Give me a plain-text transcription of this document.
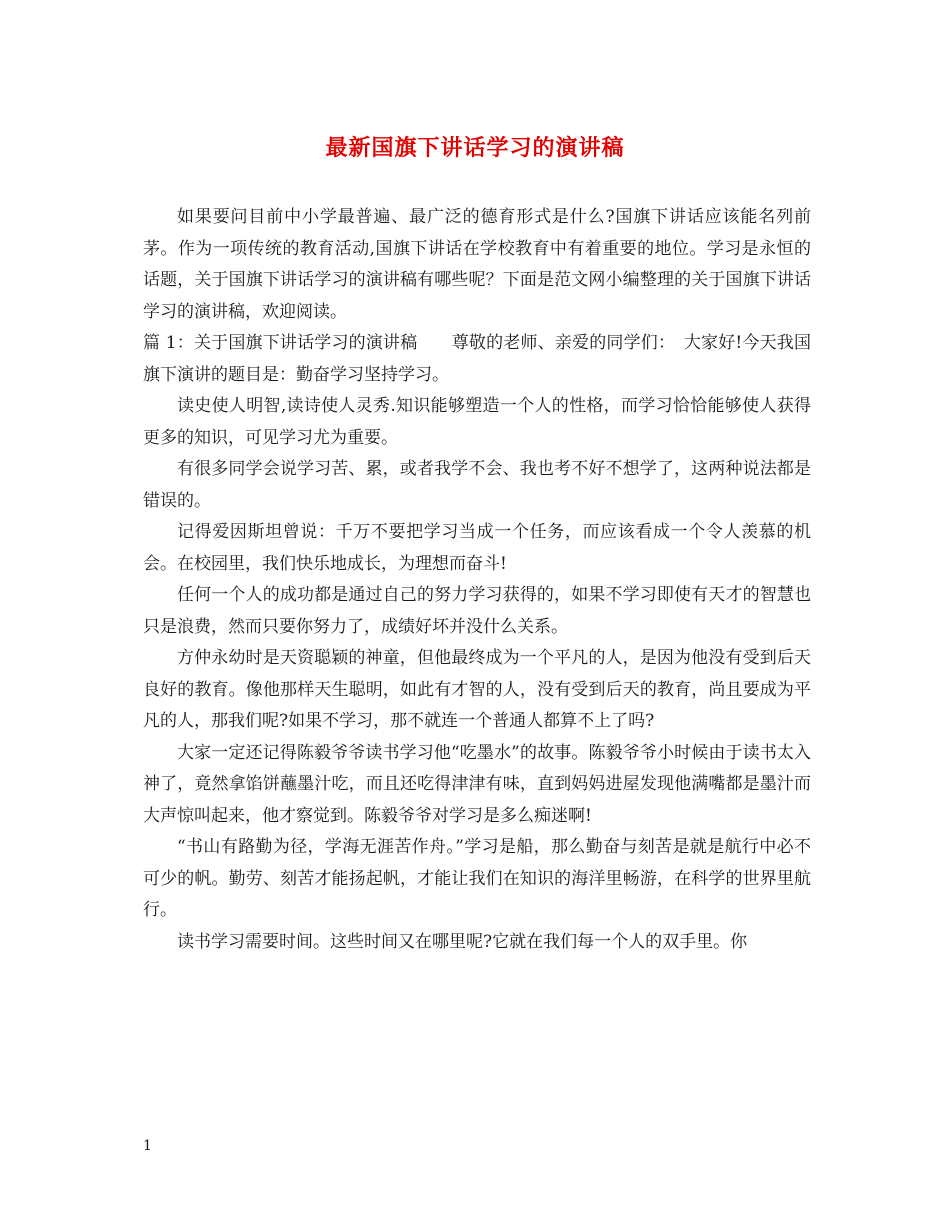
最新国旗下讲话学习的演讲稿

如果要问目前中小学最普遍、最广泛的德育形式是什么?国旗下讲话应该能名列前茅。作为一项传统的教育活动,国旗下讲话在学校教育中有着重要的地位。学习是永恒的话题，关于国旗下讲话学习的演讲稿有哪些呢？下面是范文网小编整理的关于国旗下讲话学习的演讲稿，欢迎阅读。

篇 1：关于国旗下讲话学习的演讲稿　　尊敬的老师、亲爱的同学们：　大家好!今天我国旗下演讲的题目是：勤奋学习坚持学习。

读史使人明智,读诗使人灵秀.知识能够塑造一个人的性格，而学习恰恰能够使人获得更多的知识，可见学习尤为重要。

有很多同学会说学习苦、累，或者我学不会、我也考不好不想学了，这两种说法都是错误的。

记得爱因斯坦曾说：千万不要把学习当成一个任务，而应该看成一个令人羡慕的机会。在校园里，我们快乐地成长，为理想而奋斗!

任何一个人的成功都是通过自己的努力学习获得的，如果不学习即使有天才的智慧也只是浪费，然而只要你努力了，成绩好坏并没什么关系。

方仲永幼时是天资聪颖的神童，但他最终成为一个平凡的人，是因为他没有受到后天良好的教育。像他那样天生聪明，如此有才智的人，没有受到后天的教育，尚且要成为平凡的人，那我们呢?如果不学习，那不就连一个普通人都算不上了吗?

大家一定还记得陈毅爷爷读书学习他“吃墨水”的故事。陈毅爷爷小时候由于读书太入神了，竟然拿馅饼蘸墨汁吃，而且还吃得津津有味，直到妈妈进屋发现他满嘴都是墨汁而大声惊叫起来，他才察觉到。陈毅爷爷对学习是多么痴迷啊!

“书山有路勤为径，学海无涯苦作舟。”学习是船，那么勤奋与刻苦是就是航行中必不可少的帆。勤劳、刻苦才能扬起帆，才能让我们在知识的海洋里畅游，在科学的世界里航行。

读书学习需要时间。这些时间又在哪里呢?它就在我们每一个人的双手里。你

1
